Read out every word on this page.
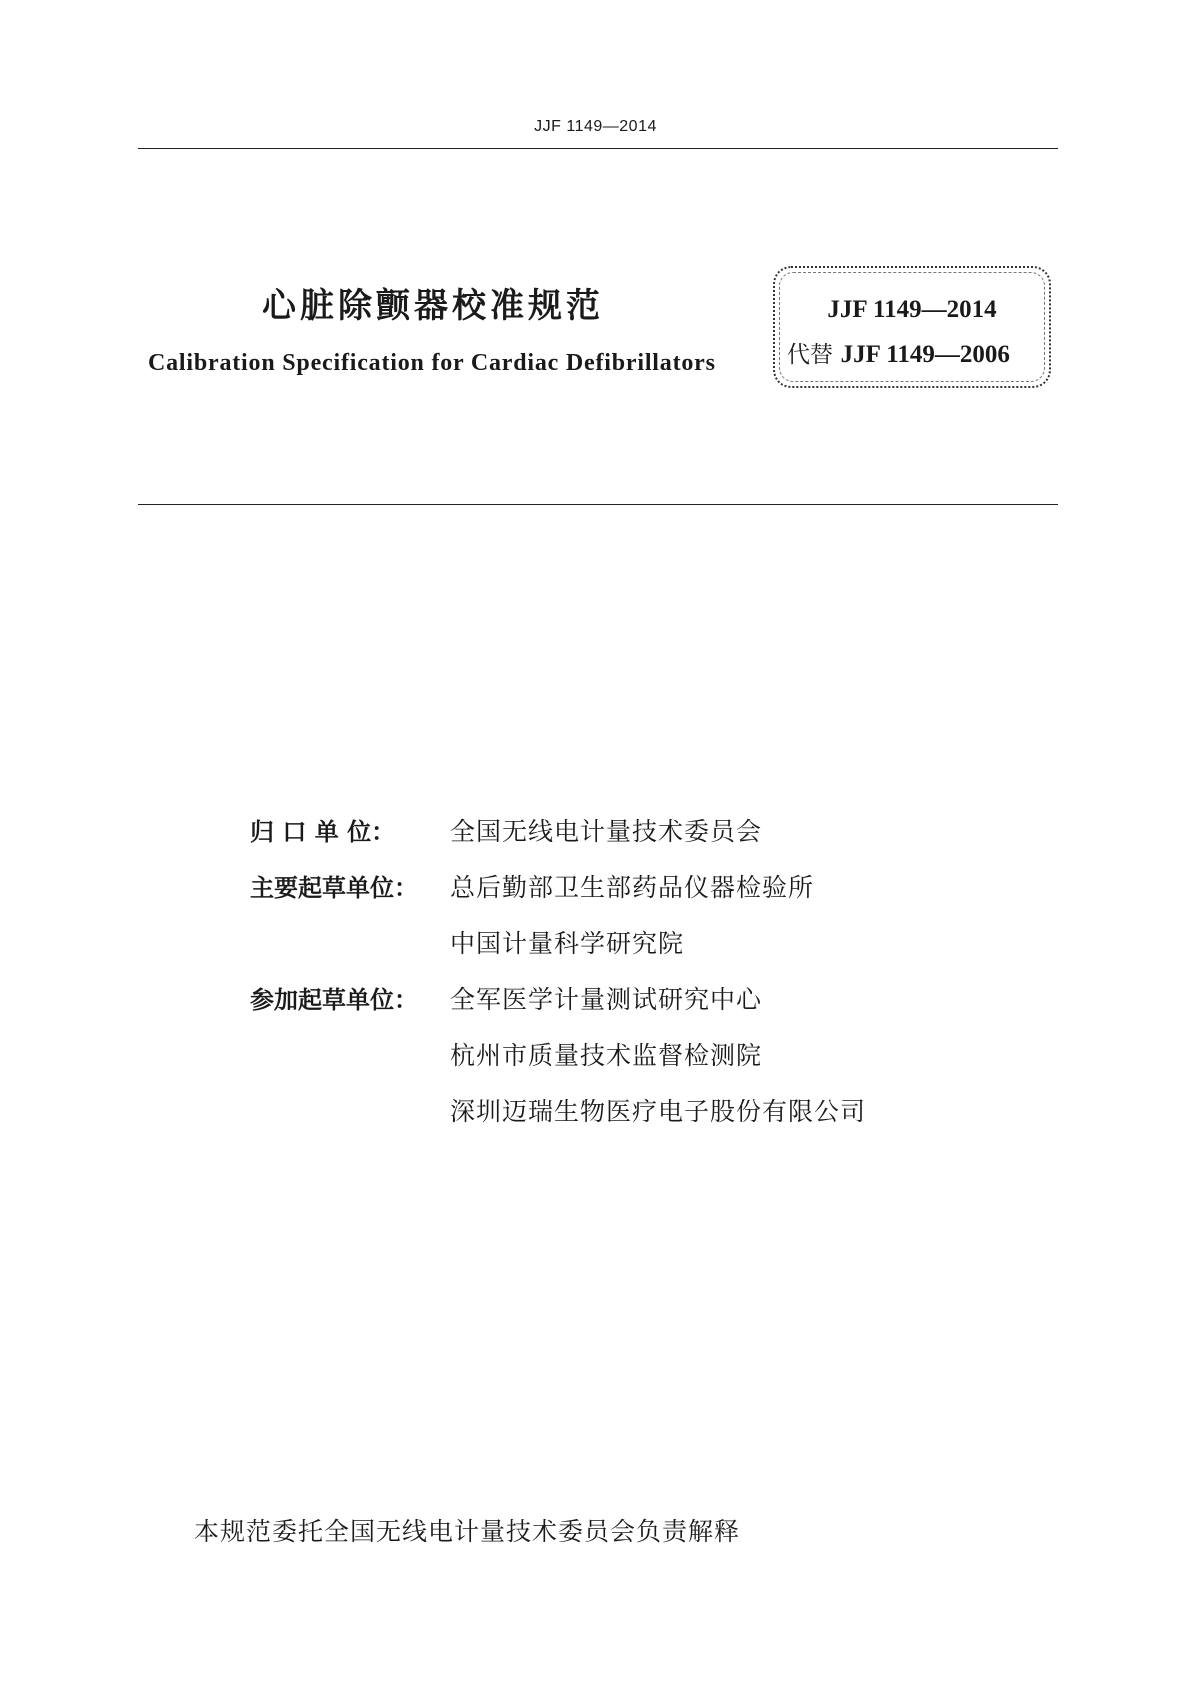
JJF 1149—2014
心脏除颤器校准规范
Calibration Specification for Cardiac Defibrillators
JJF 1149—2014
代替 JJF 1149—2006
归 口 单 位：	全国无线电计量技术委员会
主要起草单位：	总后勤部卫生部药品仪器检验所
中国计量科学研究院
参加起草单位：	全军医学计量测试研究中心
杭州市质量技术监督检测院
深圳迈瑞生物医疗电子股份有限公司
本规范委托全国无线电计量技术委员会负责解释
